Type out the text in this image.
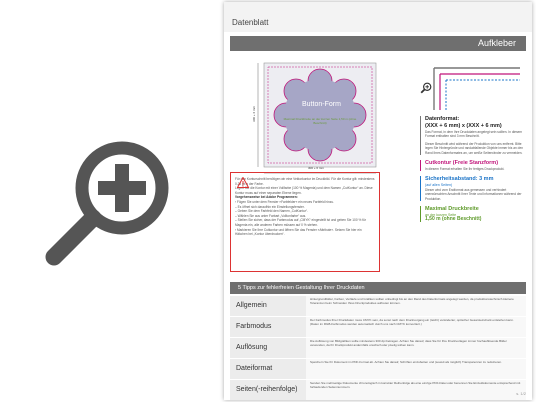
Datenblatt
Aufkleber
Button-Form
Maximal Druckbreite an der kurzen Seite 1,50 m (ohne Beschnitt)
300 + 6 mm
300 + 6 mm

Für den Konturschnitt benötigen wir eine Vektorkontur im Druckbild. Für die Kontur gilt: mindestens 0,25 pt in der Farbe.

Legen Sie die Kontur mit einer Vollfarbe (100 % Magenta) und dem Namen „CutKontur“ an. Diese Kontur muss auf einer separaten Ebene liegen.

Vorgehensweise bei Adobe Programmen:

› Fügen Sie unter dem Fenster »Farbfelder« ein neues Farbfeld hinzu.

– Es öffnet sich daraufhin ein Einstellungsfenster.

– Geben Sie dem Farbfeld den Namen „CutKontur“.

– Wählen Sie aus unter Farbart „Volltonfarbe“ aus.

– Stellen Sie sicher, dass der Farbmodus auf „CMYK“ eingestellt ist und geben Sie 100 % für Magenta ein, alle anderen Farben müssen auf 0 % stehen.

› Markieren Sie Ihre Cutkontur und öffnen Sie das Fenster »Attribute«. Setzen Sie hier ein Häkchen bei „Kontur überdrucken“.

Datenformat:
(XXX + 6 mm) x (XXX + 6 mm)
Das Format, in dem Ihre Druckdaten angelegt sein sollten. In diesem Format enthalten sind 3 mm Beschnitt.
Dieser Beschnitt wird während der Produktion von uns entfernt. Bitte legen Sie Hintergründe und randabfallende Objekte immer bis an den Rand Ihres Datenformates an, um weiße Seitenränder zu vermeiden.
Cutkontur (Freie Stanzform)
In diesem Format erhalten Sie Ihr fertiges Druckprodukt.
Sicherheitsabstand: 3 mm
(auf allen Seiten)
Dieser wird vom Endformat aus gemessen und verhindert unerwünschten Anschnitt Ihrer Texte und Informationen während der Produktion.
Maximal Druckbreite
an der kurzen Seite
1,50 m (ohne Beschnitt)
5 Tipps zur fehlerfreien Gestaltung Ihrer Druckdaten
Allgemein
Hintergrundbilder, Farben, Verläufe und Grafiken sollten unbedingt bis an den Rand des Datenformats angelegt werden, da produktionstechnisch kleinere Toleranzen beim Schneiden Ihres Druckproduktes auftreten können.
Farbmodus
Der Farbmodus Ihrer Druckdaten muss CMYK sein, da sonst nach dem Druckvorgang ein (leicht) veränderter, optischer Gesamteindruck entstehen kann. (Daten im RGB-Farbmodus werden automatisch durch uns nach CMYK konvertiert.)
Auflösung
Die Auflösung von Bildgrafiken sollte mindestens 300 dpi betragen. Achten Sie darauf, dass Sie für Ihre Druckvorlagen immer hochauflösende Bilder verwenden, da Ihr Druckprodukt andernfalls unscharf oder pixelig wirken kann.
Dateiformat
Speichern Sie Ihr Dokument im PDF-Format ab. Achten Sie darauf, Schriften einzubetten und (soweit als möglich) Transparenzen zu reduzieren.
Seiten(-reihenfolge)
Senden Sie mehrseitige Dokumente chronologisch in korrekter Reihenfolge als eine einzige PDF-Datei oder benennen Sie Einzeldokumente entsprechend mit fortlaufenden Seitennummern.
s. 1/2
